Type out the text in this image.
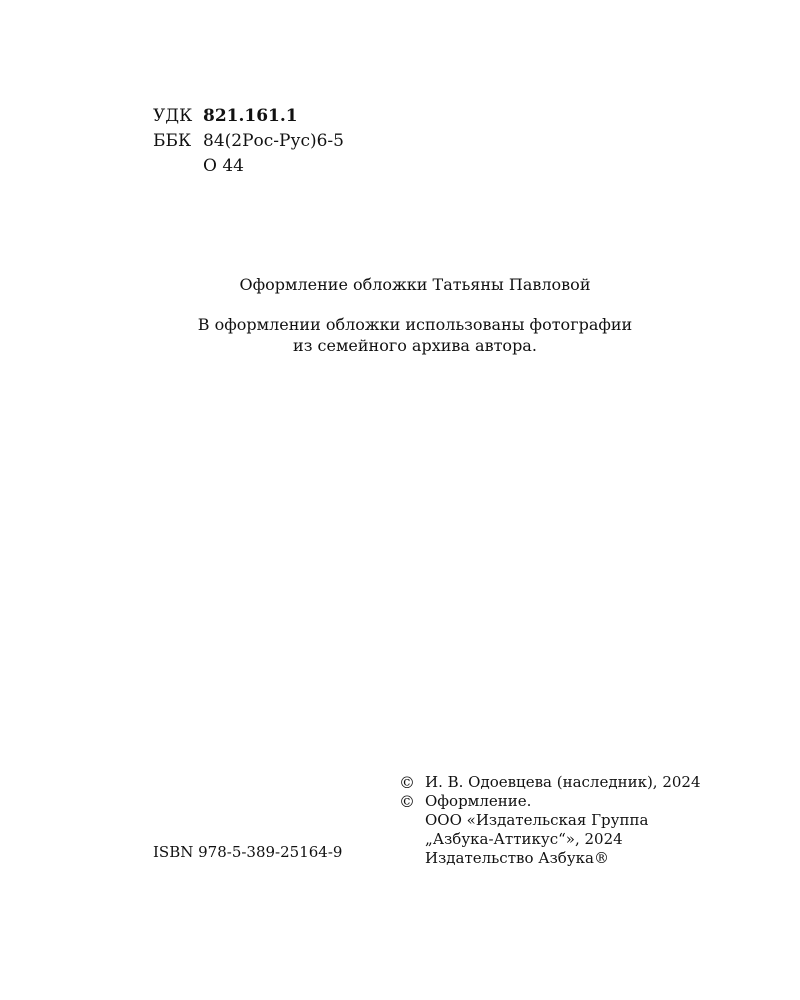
УДК 821.161.1
ББК 84(2Рос-Рус)6-5
О 44

Оформление обложки Татьяны Павловой

В оформлении обложки использованы фотографии
из семейного архива автора.

© И. В. Одоевцева (наследник), 2024
© Оформление.
ООО «Издательская Группа
„Азбука-Аттикус“», 2024
Издательство Азбука®
ISBN 978-5-389-25164-9
